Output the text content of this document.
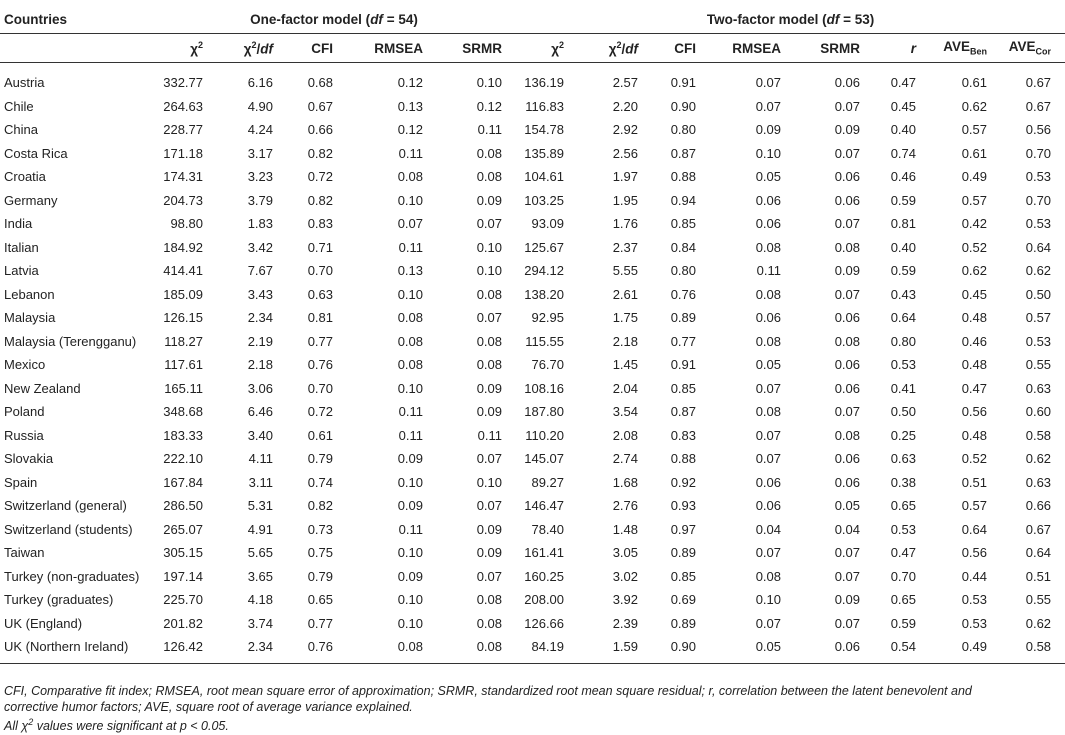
Countries	One-factor model (df = 54)					Two-factor model (df = 53)							
	$\chi^2$	$\chi^2/df$	CFI	RMSEA	SRMR	$\chi^2$	$\chi^2/df$	CFI	RMSEA	SRMR	r	$AVE_{Ben}$	$AVE_{Cor}$
Austria	332.77	6.16	0.68	0.12	0.10	136.19	2.57	0.91	0.07	0.06	0.47	0.61	0.67
Chile	264.63	4.90	0.67	0.13	0.12	116.83	2.20	0.90	0.07	0.07	0.45	0.62	0.67
China	228.77	4.24	0.66	0.12	0.11	154.78	2.92	0.80	0.09	0.09	0.40	0.57	0.56
Costa Rica	171.18	3.17	0.82	0.11	0.08	135.89	2.56	0.87	0.10	0.07	0.74	0.61	0.70
Croatia	174.31	3.23	0.72	0.08	0.08	104.61	1.97	0.88	0.05	0.06	0.46	0.49	0.53
Germany	204.73	3.79	0.82	0.10	0.09	103.25	1.95	0.94	0.06	0.06	0.59	0.57	0.70
India	98.80	1.83	0.83	0.07	0.07	93.09	1.76	0.85	0.06	0.07	0.81	0.42	0.53
Italian	184.92	3.42	0.71	0.11	0.10	125.67	2.37	0.84	0.08	0.08	0.40	0.52	0.64
Latvia	414.41	7.67	0.70	0.13	0.10	294.12	5.55	0.80	0.11	0.09	0.59	0.62	0.62
Lebanon	185.09	3.43	0.63	0.10	0.08	138.20	2.61	0.76	0.08	0.07	0.43	0.45	0.50
Malaysia	126.15	2.34	0.81	0.08	0.07	92.95	1.75	0.89	0.06	0.06	0.64	0.48	0.57
Malaysia (Terengganu)	118.27	2.19	0.77	0.08	0.08	115.55	2.18	0.77	0.08	0.08	0.80	0.46	0.53
Mexico	117.61	2.18	0.76	0.08	0.08	76.70	1.45	0.91	0.05	0.06	0.53	0.48	0.55
New Zealand	165.11	3.06	0.70	0.10	0.09	108.16	2.04	0.85	0.07	0.06	0.41	0.47	0.63
Poland	348.68	6.46	0.72	0.11	0.09	187.80	3.54	0.87	0.08	0.07	0.50	0.56	0.60
Russia	183.33	3.40	0.61	0.11	0.11	110.20	2.08	0.83	0.07	0.08	0.25	0.48	0.58
Slovakia	222.10	4.11	0.79	0.09	0.07	145.07	2.74	0.88	0.07	0.06	0.63	0.52	0.62
Spain	167.84	3.11	0.74	0.10	0.10	89.27	1.68	0.92	0.06	0.06	0.38	0.51	0.63
Switzerland (general)	286.50	5.31	0.82	0.09	0.07	146.47	2.76	0.93	0.06	0.05	0.65	0.57	0.66
Switzerland (students)	265.07	4.91	0.73	0.11	0.09	78.40	1.48	0.97	0.04	0.04	0.53	0.64	0.67
Taiwan	305.15	5.65	0.75	0.10	0.09	161.41	3.05	0.89	0.07	0.07	0.47	0.56	0.64
Turkey (non-graduates)	197.14	3.65	0.79	0.09	0.07	160.25	3.02	0.85	0.08	0.07	0.70	0.44	0.51
Turkey (graduates)	225.70	4.18	0.65	0.10	0.08	208.00	3.92	0.69	0.10	0.09	0.65	0.53	0.55
UK (England)	201.82	3.74	0.77	0.10	0.08	126.66	2.39	0.89	0.07	0.07	0.59	0.53	0.62
UK (Northern Ireland)	126.42	2.34	0.76	0.08	0.08	84.19	1.59	0.90	0.05	0.06	0.54	0.49	0.58

CFI, Comparative fit index; RMSEA, root mean square error of approximation; SRMR, standardized root mean square residual; r, correlation between the latent benevolent and corrective humor factors; AVE, square root of average variance explained.

All $\chi^2$ values were significant at p < 0.05.
